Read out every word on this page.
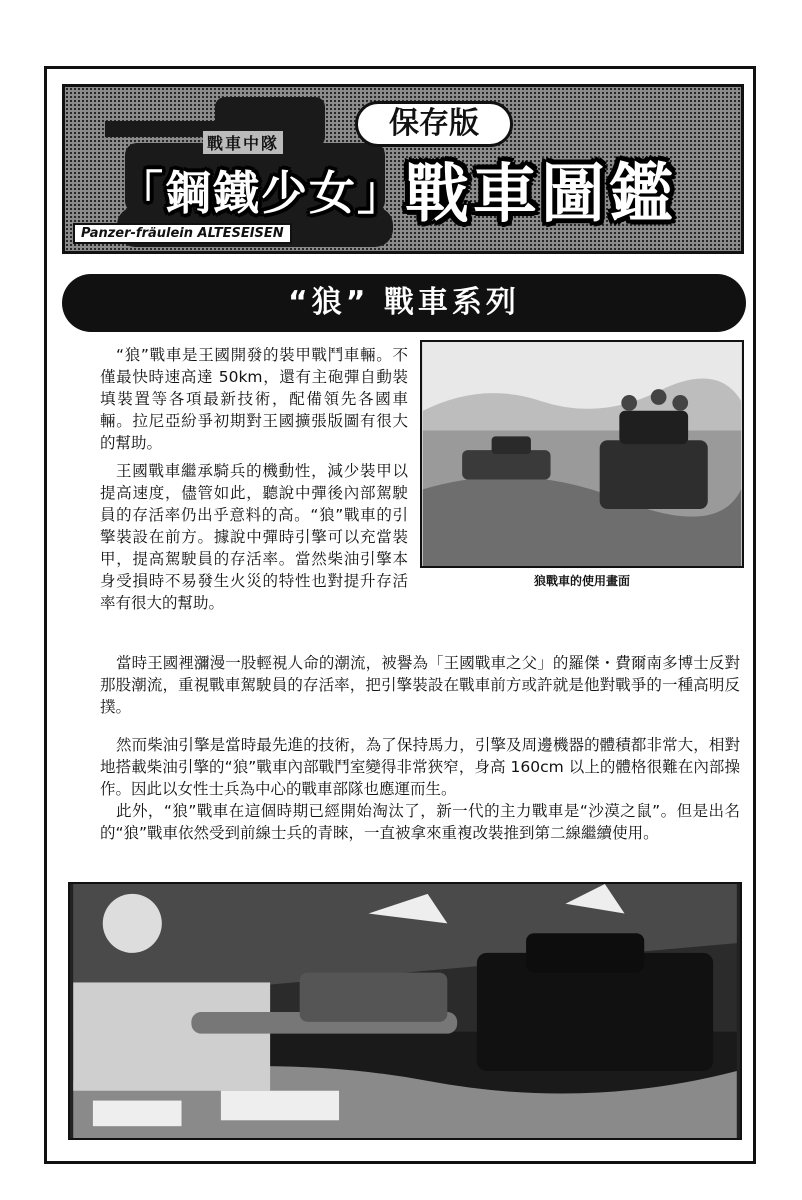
戰車中隊
「鋼鐵少女」
Panzer-fräulein ALTESEISEN
保存版
戰車圖鑑
“狼” 戰車系列

“狼”戰車是王國開發的裝甲戰鬥車輛。不僅最快時速高達 50km，還有主砲彈自動裝填裝置等各項最新技術，配備領先各國車輛。拉尼亞紛爭初期對王國擴張版圖有很大的幫助。

王國戰車繼承騎兵的機動性，減少裝甲以提高速度，儘管如此，聽說中彈後內部駕駛員的存活率仍出乎意料的高。“狼”戰車的引擎裝設在前方。據說中彈時引擎可以充當裝甲，提高駕駛員的存活率。當然柴油引擎本身受損時不易發生火災的特性也對提升存活率有很大的幫助。

狼戰車的使用畫面

當時王國裡瀰漫一股輕視人命的潮流，被譽為「王國戰車之父」的羅傑・費爾南多博士反對那股潮流，重視戰車駕駛員的存活率，把引擎裝設在戰車前方或許就是他對戰爭的一種高明反撲。

然而柴油引擎是當時最先進的技術，為了保持馬力，引擎及周邊機器的體積都非常大，相對地搭載柴油引擎的“狼”戰車內部戰鬥室變得非常狹窄，身高 160cm 以上的體格很難在內部操作。因此以女性士兵為中心的戰車部隊也應運而生。
此外，“狼”戰車在這個時期已經開始淘汰了，新一代的主力戰車是“沙漠之鼠”。但是出名的“狼”戰車依然受到前線士兵的青睞，一直被拿來重複改裝推到第二線繼續使用。
